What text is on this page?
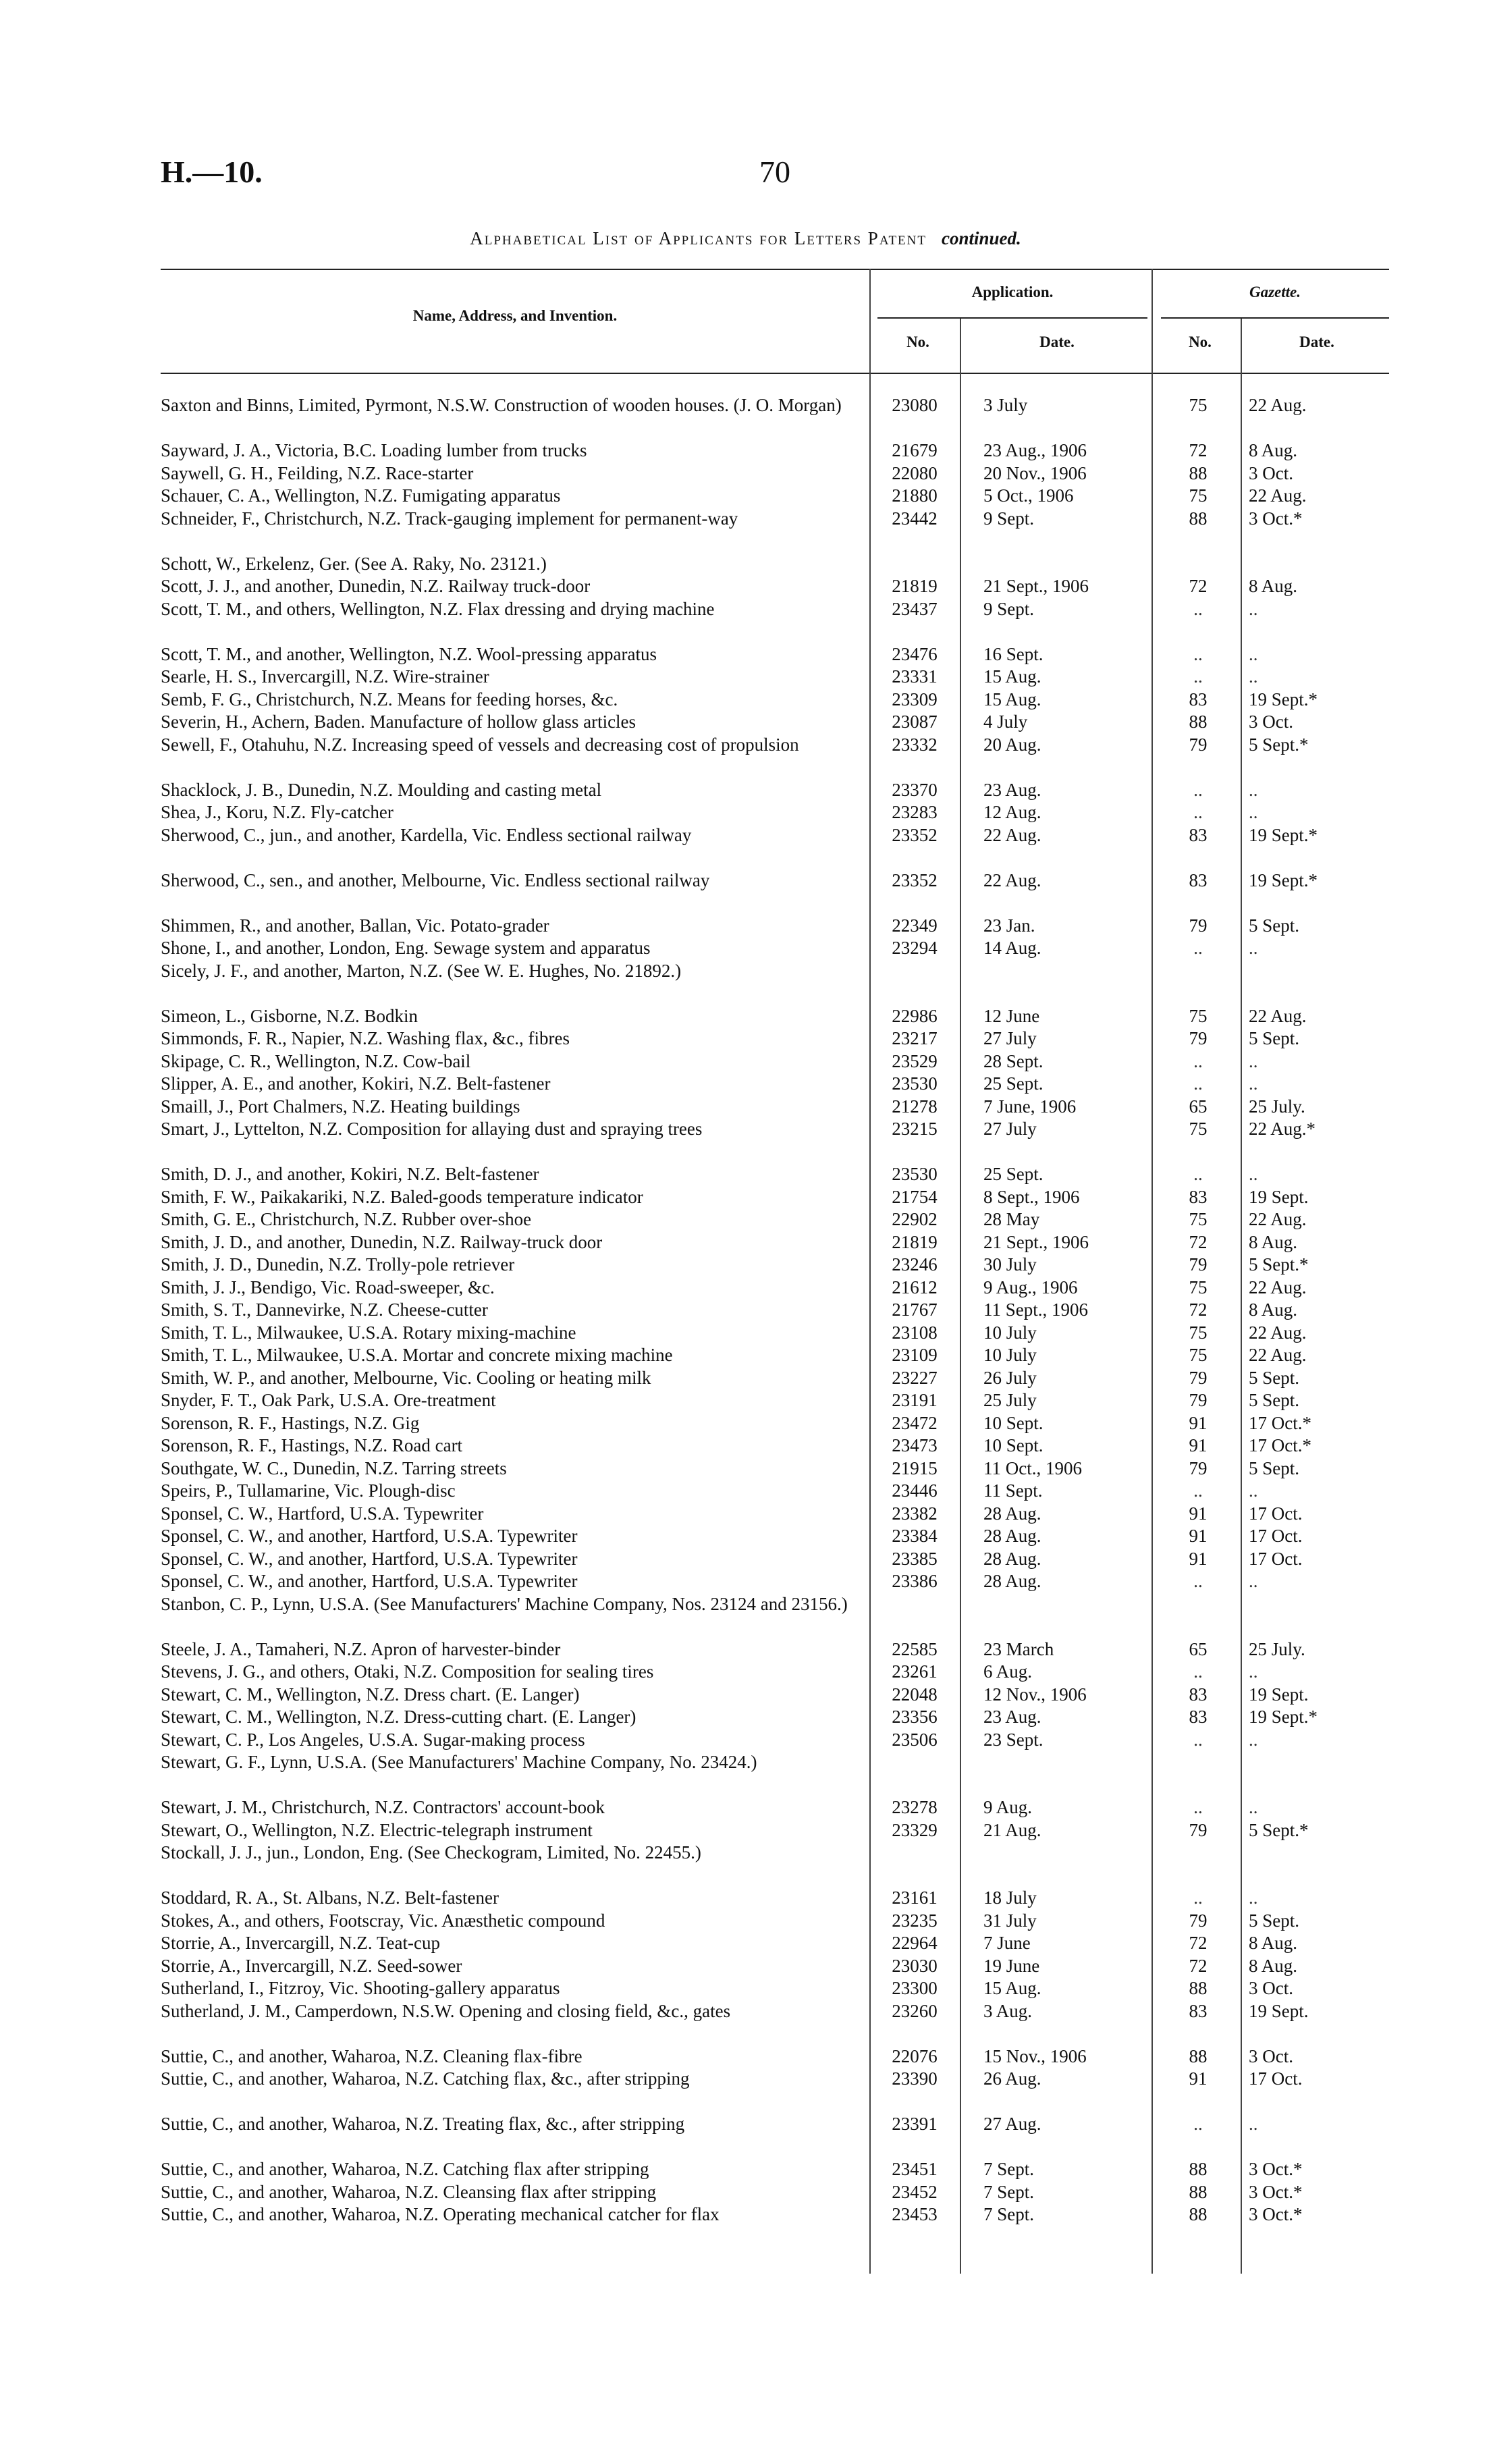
H.—10.	70
Alphabetical List of Applicants for Letters Patent continued.
Name, Address, and Invention.
Application.	Gazette.
No.	Date.	No.	Date.
Saxton and Binns, Limited, Pyrmont, N.S.W. Construction of wooden houses. (J. O. Morgan)	23080	3 July	75	22 Aug.
Sayward, J. A., Victoria, B.C. Loading lumber from trucks	21679	23 Aug., 1906	72	8 Aug.
Saywell, G. H., Feilding, N.Z. Race-starter	22080	20 Nov., 1906	88	3 Oct.
Schauer, C. A., Wellington, N.Z. Fumigating apparatus	21880	5 Oct., 1906	75	22 Aug.
Schneider, F., Christchurch, N.Z. Track-gauging implement for permanent-way	23442	9 Sept.	88	3 Oct.*
Schott, W., Erkelenz, Ger. (See A. Raky, No. 23121.)
Scott, J. J., and another, Dunedin, N.Z. Railway truck-door	21819	21 Sept., 1906	72	8 Aug.
Scott, T. M., and others, Wellington, N.Z. Flax dressing and drying machine	23437	9 Sept.	..	..
Scott, T. M., and another, Wellington, N.Z. Wool-pressing apparatus	23476	16 Sept.	..	..
Searle, H. S., Invercargill, N.Z. Wire-strainer	23331	15 Aug.	..	..
Semb, F. G., Christchurch, N.Z. Means for feeding horses, &c.	23309	15 Aug.	83	19 Sept.*
Severin, H., Achern, Baden. Manufacture of hollow glass articles	23087	4 July	88	3 Oct.
Sewell, F., Otahuhu, N.Z. Increasing speed of vessels and decreasing cost of propulsion	23332	20 Aug.	79	5 Sept.*
Shacklock, J. B., Dunedin, N.Z. Moulding and casting metal	23370	23 Aug.	..	..
Shea, J., Koru, N.Z. Fly-catcher	23283	12 Aug.	..	..
Sherwood, C., jun., and another, Kardella, Vic. Endless sectional railway	23352	22 Aug.	83	19 Sept.*
Sherwood, C., sen., and another, Melbourne, Vic. Endless sectional railway	23352	22 Aug.	83	19 Sept.*
Shimmen, R., and another, Ballan, Vic. Potato-grader	22349	23 Jan.	79	5 Sept.
Shone, I., and another, London, Eng. Sewage system and apparatus	23294	14 Aug.	..	..
Sicely, J. F., and another, Marton, N.Z. (See W. E. Hughes, No. 21892.)
Simeon, L., Gisborne, N.Z. Bodkin	22986	12 June	75	22 Aug.
Simmonds, F. R., Napier, N.Z. Washing flax, &c., fibres	23217	27 July	79	5 Sept.
Skipage, C. R., Wellington, N.Z. Cow-bail	23529	28 Sept.	..	..
Slipper, A. E., and another, Kokiri, N.Z. Belt-fastener	23530	25 Sept.	..	..
Smaill, J., Port Chalmers, N.Z. Heating buildings	21278	7 June, 1906	65	25 July.
Smart, J., Lyttelton, N.Z. Composition for allaying dust and spraying trees	23215	27 July	75	22 Aug.*
Smith, D. J., and another, Kokiri, N.Z. Belt-fastener	23530	25 Sept.	..	..
Smith, F. W., Paikakariki, N.Z. Baled-goods temperature indicator	21754	8 Sept., 1906	83	19 Sept.
Smith, G. E., Christchurch, N.Z. Rubber over-shoe	22902	28 May	75	22 Aug.
Smith, J. D., and another, Dunedin, N.Z. Railway-truck door	21819	21 Sept., 1906	72	8 Aug.
Smith, J. D., Dunedin, N.Z. Trolly-pole retriever	23246	30 July	79	5 Sept.*
Smith, J. J., Bendigo, Vic. Road-sweeper, &c.	21612	9 Aug., 1906	75	22 Aug.
Smith, S. T., Dannevirke, N.Z. Cheese-cutter	21767	11 Sept., 1906	72	8 Aug.
Smith, T. L., Milwaukee, U.S.A. Rotary mixing-machine	23108	10 July	75	22 Aug.
Smith, T. L., Milwaukee, U.S.A. Mortar and concrete mixing machine	23109	10 July	75	22 Aug.
Smith, W. P., and another, Melbourne, Vic. Cooling or heating milk	23227	26 July	79	5 Sept.
Snyder, F. T., Oak Park, U.S.A. Ore-treatment	23191	25 July	79	5 Sept.
Sorenson, R. F., Hastings, N.Z. Gig	23472	10 Sept.	91	17 Oct.*
Sorenson, R. F., Hastings, N.Z. Road cart	23473	10 Sept.	91	17 Oct.*
Southgate, W. C., Dunedin, N.Z. Tarring streets	21915	11 Oct., 1906	79	5 Sept.
Speirs, P., Tullamarine, Vic. Plough-disc	23446	11 Sept.	..	..
Sponsel, C. W., Hartford, U.S.A. Typewriter	23382	28 Aug.	91	17 Oct.
Sponsel, C. W., and another, Hartford, U.S.A. Typewriter	23384	28 Aug.	91	17 Oct.
Sponsel, C. W., and another, Hartford, U.S.A. Typewriter	23385	28 Aug.	91	17 Oct.
Sponsel, C. W., and another, Hartford, U.S.A. Typewriter	23386	28 Aug.	..	..
Stanbon, C. P., Lynn, U.S.A. (See Manufacturers' Machine Company, Nos. 23124 and 23156.)
Steele, J. A., Tamaheri, N.Z. Apron of harvester-binder	22585	23 March	65	25 July.
Stevens, J. G., and others, Otaki, N.Z. Composition for sealing tires	23261	6 Aug.	..	..
Stewart, C. M., Wellington, N.Z. Dress chart. (E. Langer)	22048	12 Nov., 1906	83	19 Sept.
Stewart, C. M., Wellington, N.Z. Dress-cutting chart. (E. Langer)	23356	23 Aug.	83	19 Sept.*
Stewart, C. P., Los Angeles, U.S.A. Sugar-making process	23506	23 Sept.	..	..
Stewart, G. F., Lynn, U.S.A. (See Manufacturers' Machine Company, No. 23424.)
Stewart, J. M., Christchurch, N.Z. Contractors' account-book	23278	9 Aug.	..	..
Stewart, O., Wellington, N.Z. Electric-telegraph instrument	23329	21 Aug.	79	5 Sept.*
Stockall, J. J., jun., London, Eng. (See Checkogram, Limited, No. 22455.)
Stoddard, R. A., St. Albans, N.Z. Belt-fastener	23161	18 July	..	..
Stokes, A., and others, Footscray, Vic. Anæsthetic compound	23235	31 July	79	5 Sept.
Storrie, A., Invercargill, N.Z. Teat-cup	22964	7 June	72	8 Aug.
Storrie, A., Invercargill, N.Z. Seed-sower	23030	19 June	72	8 Aug.
Sutherland, I., Fitzroy, Vic. Shooting-gallery apparatus	23300	15 Aug.	88	3 Oct.
Sutherland, J. M., Camperdown, N.S.W. Opening and closing field, &c., gates	23260	3 Aug.	83	19 Sept.
Suttie, C., and another, Waharoa, N.Z. Cleaning flax-fibre	22076	15 Nov., 1906	88	3 Oct.
Suttie, C., and another, Waharoa, N.Z. Catching flax, &c., after stripping	23390	26 Aug.	91	17 Oct.
Suttie, C., and another, Waharoa, N.Z. Treating flax, &c., after stripping	23391	27 Aug.	..	..
Suttie, C., and another, Waharoa, N.Z. Catching flax after stripping	23451	7 Sept.	88	3 Oct.*
Suttie, C., and another, Waharoa, N.Z. Cleansing flax after stripping	23452	7 Sept.	88	3 Oct.*
Suttie, C., and another, Waharoa, N.Z. Operating mechanical catcher for flax	23453	7 Sept.	88	3 Oct.*
